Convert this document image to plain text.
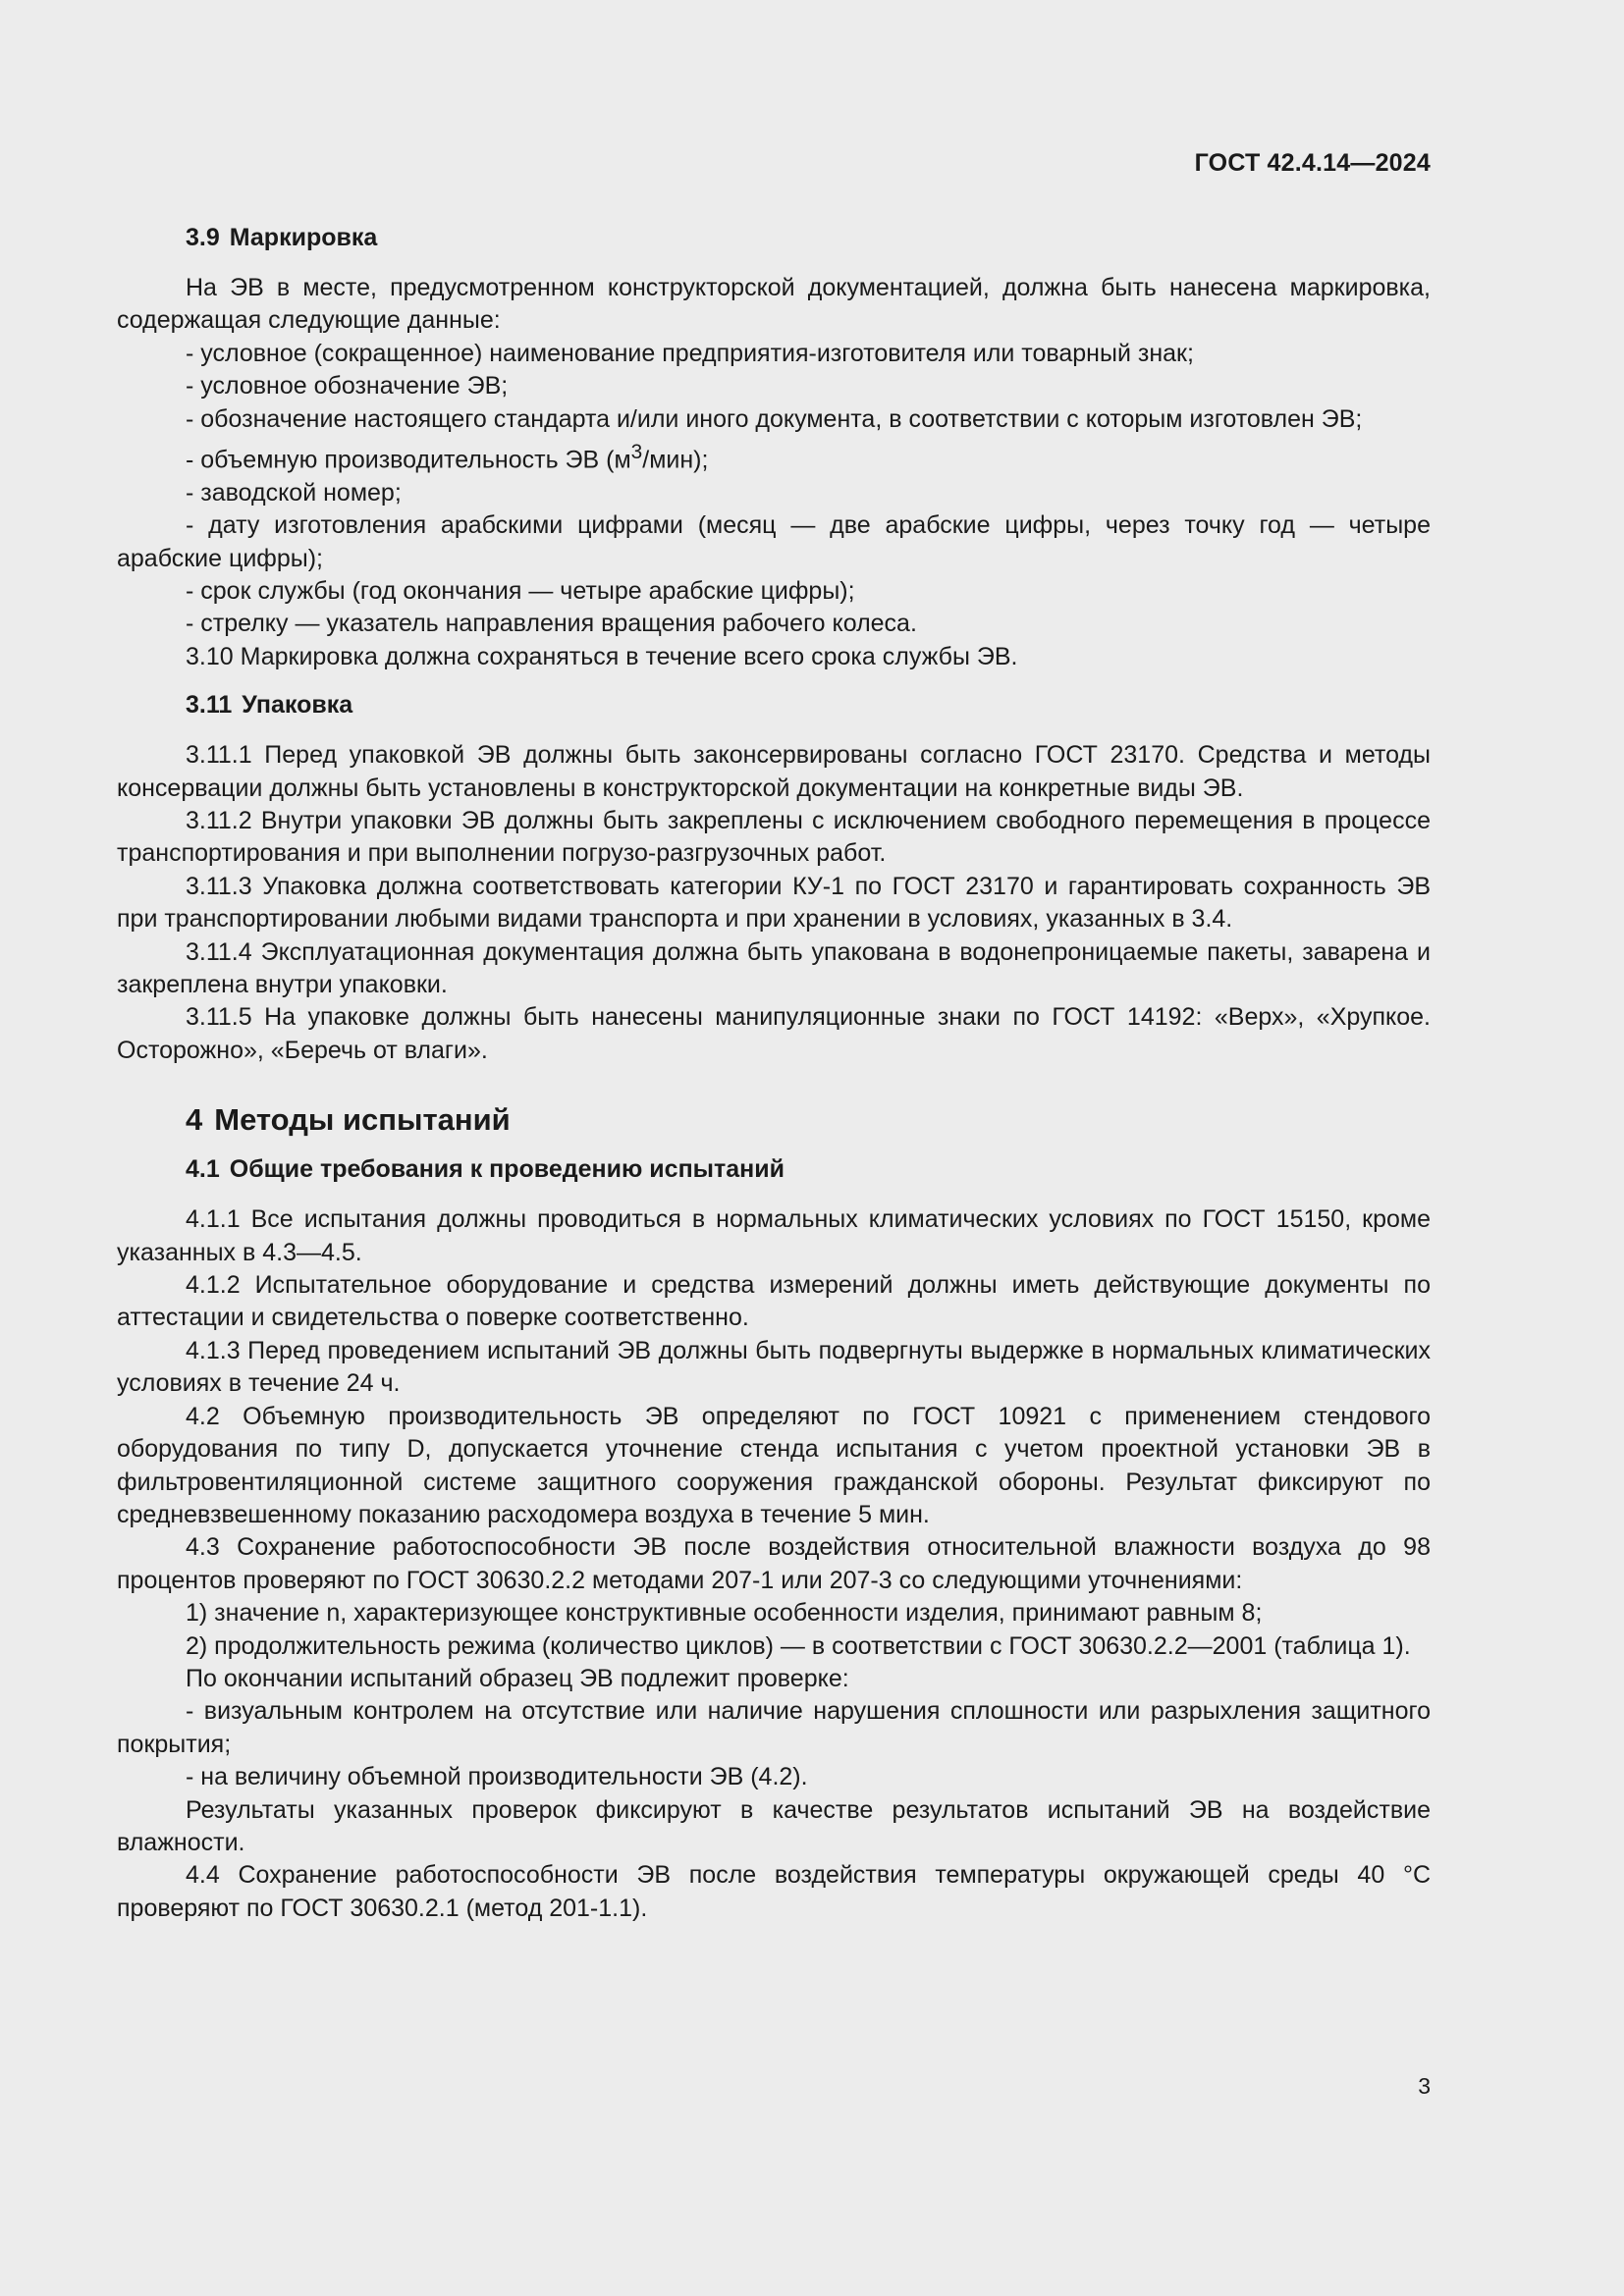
ГОСТ 42.4.14—2024
3.9 Маркировка

На ЭВ в месте, предусмотренном конструкторской документацией, должна быть нанесена маркировка, содержащая следующие данные:

- условное (сокращенное) наименование предприятия-изготовителя или товарный знак;

- условное обозначение ЭВ;

- обозначение настоящего стандарта и/или иного документа, в соответствии с которым изготовлен ЭВ;

- объемную производительность ЭВ $(м^3/мин)$;

- заводской номер;

- дату изготовления арабскими цифрами (месяц — две арабские цифры, через точку год — четыре арабские цифры);

- срок службы (год окончания — четыре арабские цифры);

- стрелку — указатель направления вращения рабочего колеса.

3.10 Маркировка должна сохраняться в течение всего срока службы ЭВ.

3.11 Упаковка

3.11.1 Перед упаковкой ЭВ должны быть законсервированы согласно ГОСТ 23170. Средства и методы консервации должны быть установлены в конструкторской документации на конкретные виды ЭВ.

3.11.2 Внутри упаковки ЭВ должны быть закреплены с исключением свободного перемещения в процессе транспортирования и при выполнении погрузо-разгрузочных работ.

3.11.3 Упаковка должна соответствовать категории КУ-1 по ГОСТ 23170 и гарантировать сохранность ЭВ при транспортировании любыми видами транспорта и при хранении в условиях, указанных в 3.4.

3.11.4 Эксплуатационная документация должна быть упакована в водонепроницаемые пакеты, заварена и закреплена внутри упаковки.

3.11.5 На упаковке должны быть нанесены манипуляционные знаки по ГОСТ 14192: «Верх», «Хрупкое. Осторожно», «Беречь от влаги».

4 Методы испытаний
4.1 Общие требования к проведению испытаний

4.1.1 Все испытания должны проводиться в нормальных климатических условиях по ГОСТ 15150, кроме указанных в 4.3—4.5.

4.1.2 Испытательное оборудование и средства измерений должны иметь действующие документы по аттестации и свидетельства о поверке соответственно.

4.1.3 Перед проведением испытаний ЭВ должны быть подвергнуты выдержке в нормальных климатических условиях в течение 24 ч.

4.2 Объемную производительность ЭВ определяют по ГОСТ 10921 с применением стендового оборудования по типу D, допускается уточнение стенда испытания с учетом проектной установки ЭВ в фильтровентиляционной системе защитного сооружения гражданской обороны. Результат фиксируют по средневзвешенному показанию расходомера воздуха в течение 5 мин.

4.3 Сохранение работоспособности ЭВ после воздействия относительной влажности воздуха до 98 процентов проверяют по ГОСТ 30630.2.2 методами 207-1 или 207-3 со следующими уточнениями:

1) значение n, характеризующее конструктивные особенности изделия, принимают равным 8;

2) продолжительность режима (количество циклов) — в соответствии с ГОСТ 30630.2.2—2001 (таблица 1).

По окончании испытаний образец ЭВ подлежит проверке:

- визуальным контролем на отсутствие или наличие нарушения сплошности или разрыхления защитного покрытия;

- на величину объемной производительности ЭВ (4.2).

Результаты указанных проверок фиксируют в качестве результатов испытаний ЭВ на воздействие влажности.

4.4 Сохранение работоспособности ЭВ после воздействия температуры окружающей среды 40 °С проверяют по ГОСТ 30630.2.1 (метод 201-1.1).

3
